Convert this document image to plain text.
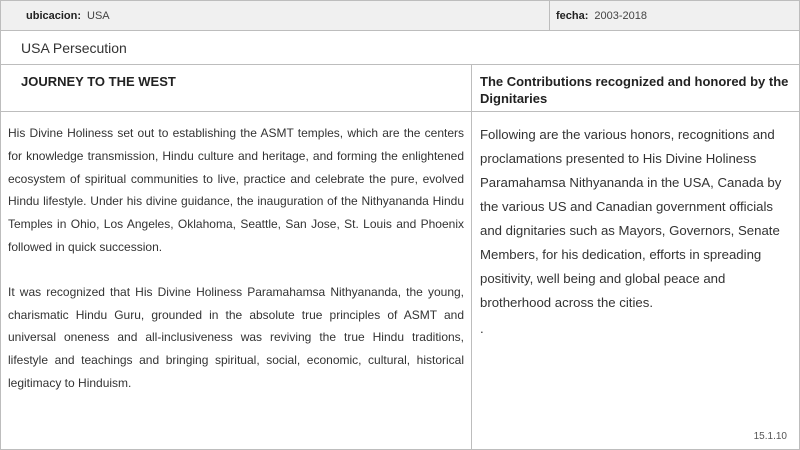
ubicacion: USA	fecha: 2003-2018
USA Persecution
JOURNEY TO THE WEST	The Contributions recognized and honored by the Dignitaries

His Divine Holiness set out to establishing the ASMT temples, which are the centers for knowledge transmission, Hindu culture and heritage, and forming the enlightened ecosystem of spiritual communities to live, practice and celebrate the pure, evolved Hindu lifestyle. Under his divine guidance, the inauguration of the Nithyananda Hindu Temples in Ohio, Los Angeles, Oklahoma, Seattle, San Jose, St. Louis and Phoenix followed in quick succession.

It was recognized that His Divine Holiness Paramahamsa Nithyananda, the young, charismatic Hindu Guru, grounded in the absolute true principles of ASMT and universal oneness and all-inclusiveness was reviving the true Hindu traditions, lifestyle and teachings and bringing spiritual, social, economic, cultural, historical legitimacy to Hinduism.

Following are the various honors, recognitions and proclamations presented to His Divine Holiness Paramahamsa Nithyananda in the USA, Canada by the various US and Canadian government officials and dignitaries such as Mayors, Governors, Senate Members, for his dedication, efforts in spreading positivity, well being and global peace and brotherhood across the cities.

.

15.1.10
